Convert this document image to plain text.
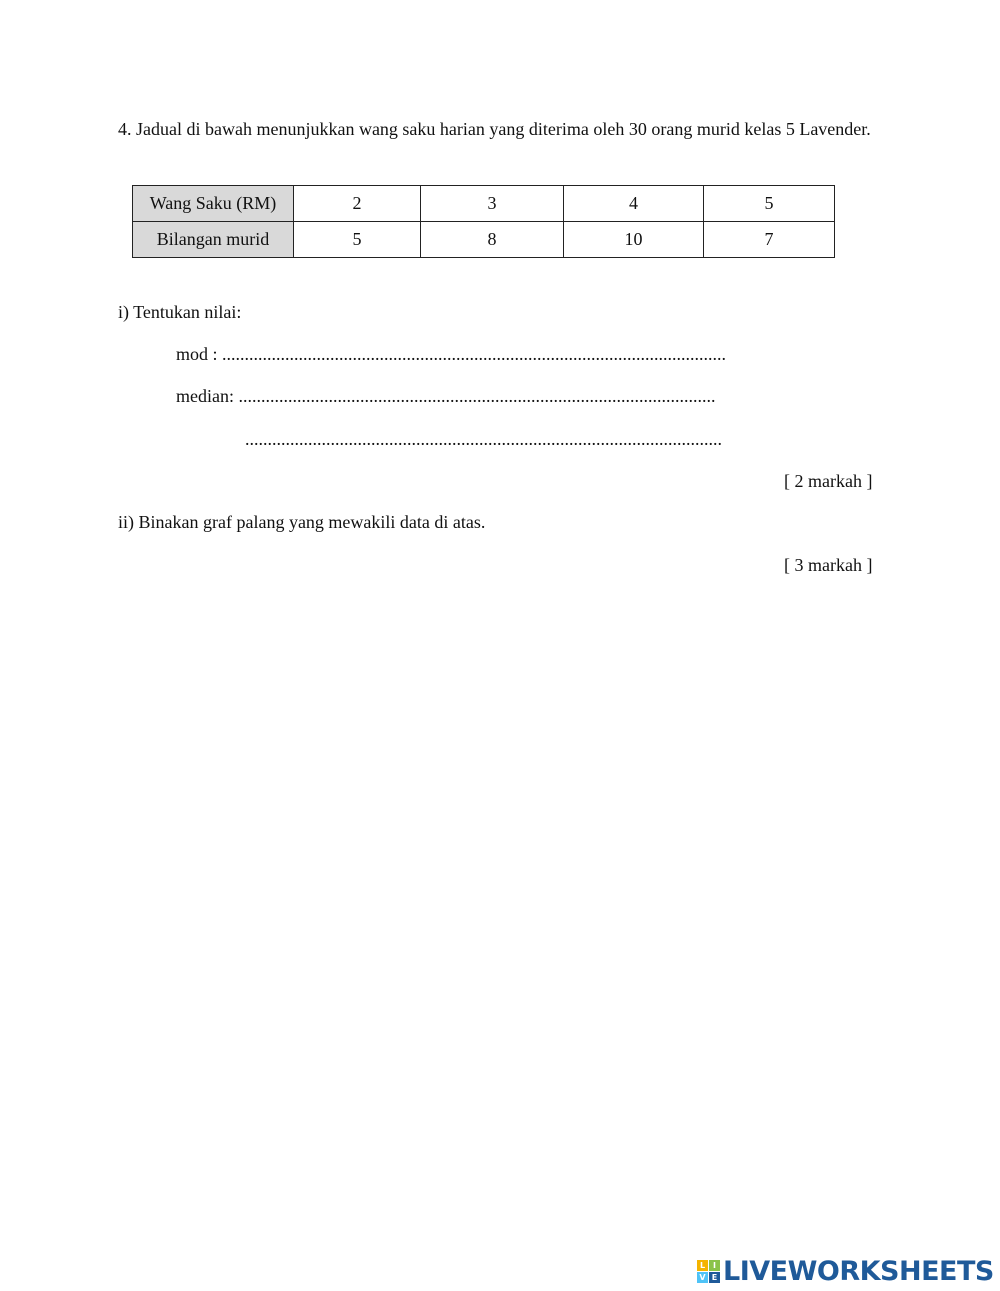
4. Jadual di bawah menunjukkan wang saku harian yang diterima oleh 30 orang murid kelas 5 Lavender.
Wang Saku (RM)	2	3	4	5
Bilangan murid	5	8	10	7
i) Tentukan nilai:
mod : ................................................................................................................
median: ..........................................................................................................
..........................................................................................................
[ 2 markah ]
ii) Binakan graf palang yang mewakili data di atas.
[ 3 markah ]
L I
V E LIVEWORKSHEETS
